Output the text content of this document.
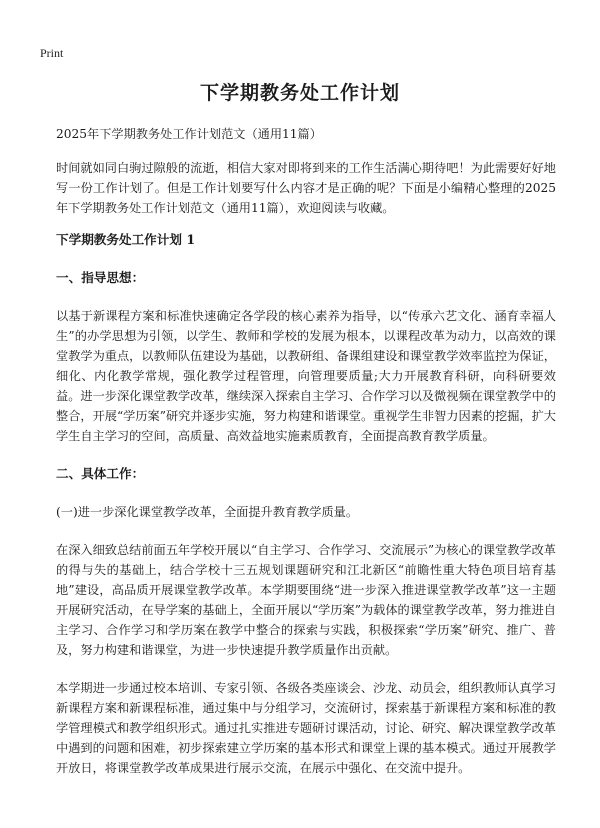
Print
下学期教务处工作计划

2025年下学期教务处工作计划范文（通用11篇）

时间就如同白驹过隙般的流逝，相信大家对即将到来的工作生活满心期待吧！为此需要好好地写一份工作计划了。但是工作计划要写什么内容才是正确的呢？下面是小编精心整理的2025年下学期教务处工作计划范文（通用11篇），欢迎阅读与收藏。

下学期教务处工作计划 1

一、指导思想：

以基于新课程方案和标准快速确定各学段的核心素养为指导，以“传承六艺文化、涵育幸福人生”的办学思想为引领，以学生、教师和学校的发展为根本，以课程改革为动力，以高效的课堂教学为重点，以教师队伍建设为基础，以教研组、备课组建设和课堂教学效率监控为保证，细化、内化教学常规，强化教学过程管理，向管理要质量;大力开展教育科研，向科研要效益。进一步深化课堂教学改革，继续深入探索自主学习、合作学习以及微视频在课堂教学中的整合，开展“学历案”研究并逐步实施，努力构建和谐课堂。重视学生非智力因素的挖掘，扩大学生自主学习的空间，高质量、高效益地实施素质教育，全面提高教育教学质量。

二、具体工作：

(一)进一步深化课堂教学改革，全面提升教育教学质量。

在深入细致总结前面五年学校开展以“自主学习、合作学习、交流展示”为核心的课堂教学改革的得与失的基础上，结合学校十三五规划课题研究和江北新区“前瞻性重大特色项目培育基地”建设，高品质开展课堂教学改革。本学期要围绕“进一步深入推进课堂教学改革”这一主题开展研究活动，在导学案的基础上，全面开展以“学历案”为载体的课堂教学改革，努力推进自主学习、合作学习和学历案在教学中整合的探索与实践，积极探索“学历案”研究、推广、普及，努力构建和谐课堂，为进一步快速提升教学质量作出贡献。

本学期进一步通过校本培训、专家引领、各级各类座谈会、沙龙、动员会，组织教师认真学习新课程方案和新课程标准，通过集中与分组学习，交流研讨，探索基于新课程方案和标准的教学管理模式和教学组织形式。通过扎实推进专题研讨课活动，讨论、研究、解决课堂教学改革中遇到的问题和困难，初步探索建立学历案的基本形式和课堂上课的基本模式。通过开展教学开放日，将课堂教学改革成果进行展示交流，在展示中强化、在交流中提升。
